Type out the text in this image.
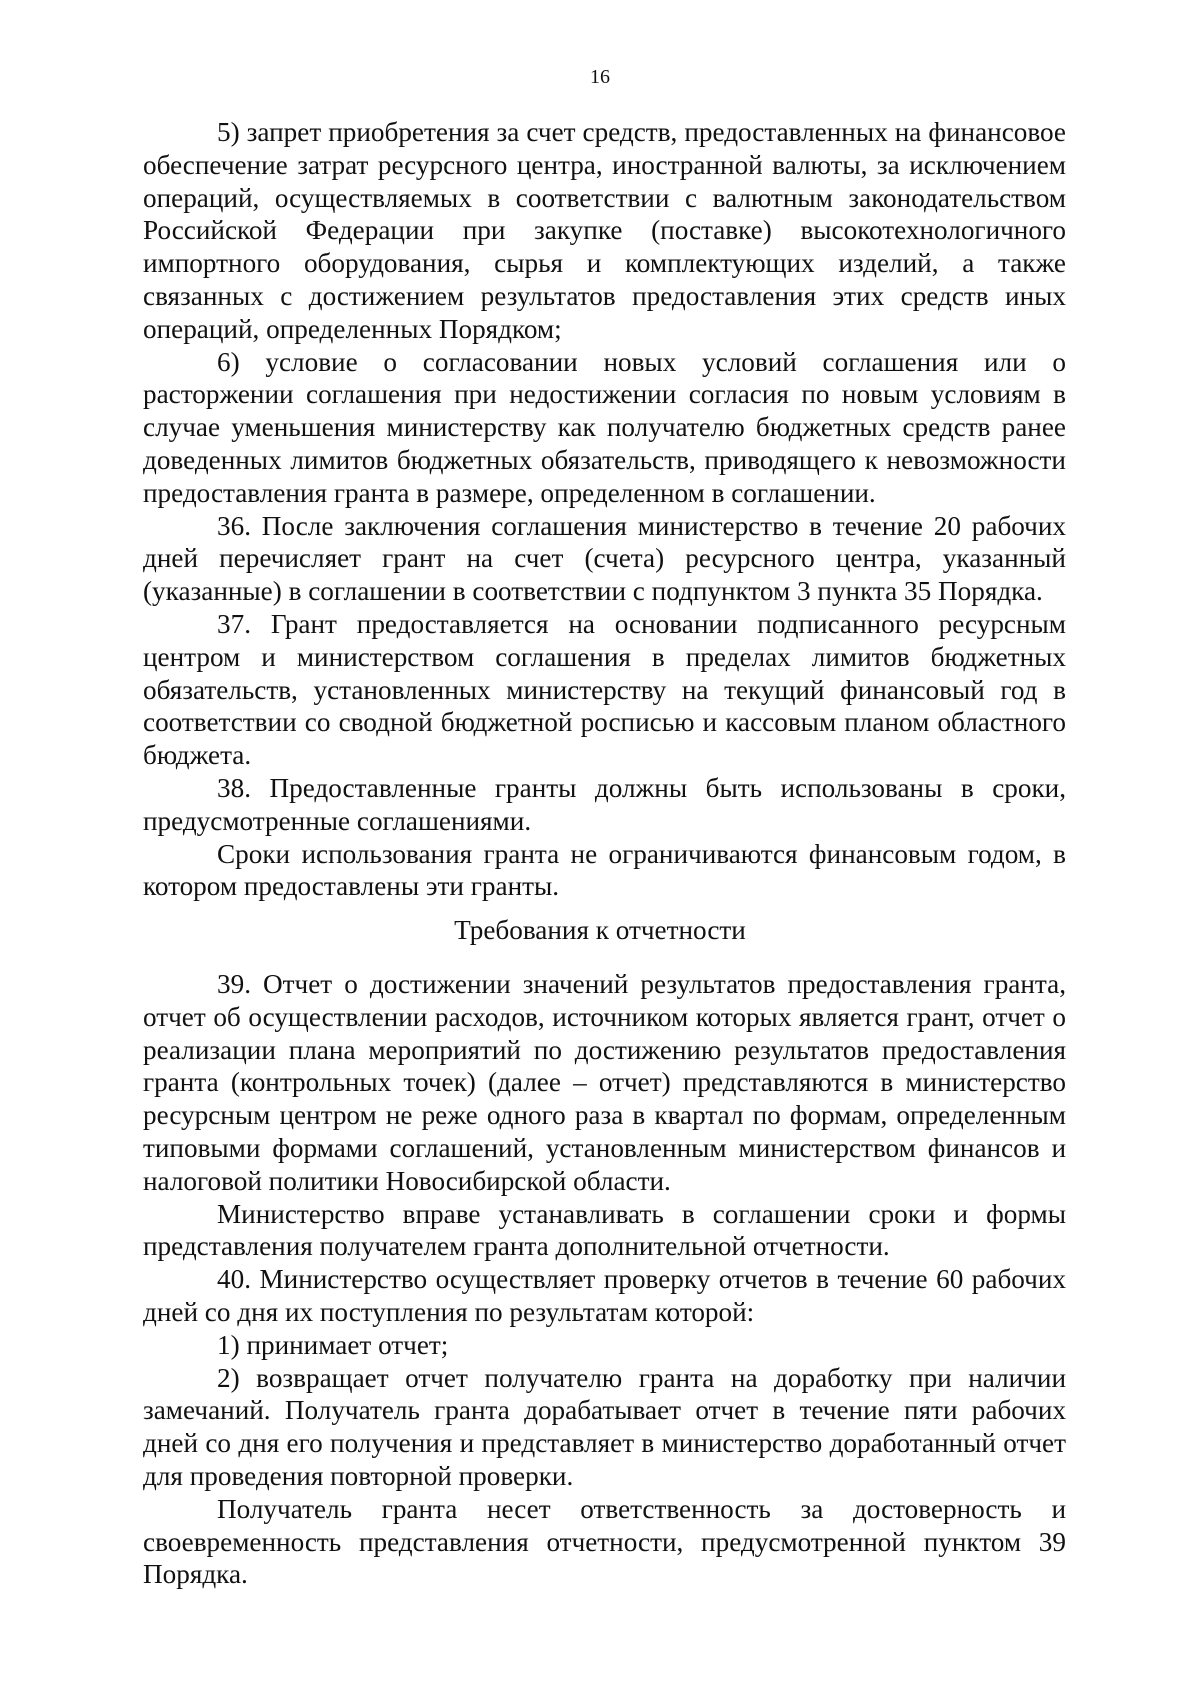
16

5) запрет приобретения за счет средств, предоставленных на финансовое обеспечение затрат ресурсного центра, иностранной валюты, за исключением операций, осуществляемых в соответствии с валютным законодательством Российской Федерации при закупке (поставке) высокотехнологичного импортного оборудования, сырья и комплектующих изделий, а также связанных с достижением результатов предоставления этих средств иных операций, определенных Порядком;

6) условие о согласовании новых условий соглашения или о расторжении соглашения при недостижении согласия по новым условиям в случае уменьшения министерству как получателю бюджетных средств ранее доведенных лимитов бюджетных обязательств, приводящего к невозможности предоставления гранта в размере, определенном в соглашении.

36. После заключения соглашения министерство в течение 20 рабочих дней перечисляет грант на счет (счета) ресурсного центра, указанный (указанные) в соглашении в соответствии с подпунктом 3 пункта 35 Порядка.

37. Грант предоставляется на основании подписанного ресурсным центром и министерством соглашения в пределах лимитов бюджетных обязательств, установленных министерству на текущий финансовый год в соответствии со сводной бюджетной росписью и кассовым планом областного бюджета.

38. Предоставленные гранты должны быть использованы в сроки, предусмотренные соглашениями.

Сроки использования гранта не ограничиваются финансовым годом, в котором предоставлены эти гранты.

Требования к отчетности

39. Отчет о достижении значений результатов предоставления гранта, отчет об осуществлении расходов, источником которых является грант, отчет о реализации плана мероприятий по достижению результатов предоставления гранта (контрольных точек) (далее – отчет) представляются в министерство ресурсным центром не реже одного раза в квартал по формам, определенным типовыми формами соглашений, установленным министерством финансов и налоговой политики Новосибирской области.

Министерство вправе устанавливать в соглашении сроки и формы представления получателем гранта дополнительной отчетности.

40. Министерство осуществляет проверку отчетов в течение 60 рабочих дней со дня их поступления по результатам которой:

1) принимает отчет;

2) возвращает отчет получателю гранта на доработку при наличии замечаний. Получатель гранта дорабатывает отчет в течение пяти рабочих дней со дня его получения и представляет в министерство доработанный отчет для проведения повторной проверки.

Получатель гранта несет ответственность за достоверность и своевременность представления отчетности, предусмотренной пунктом 39 Порядка.
